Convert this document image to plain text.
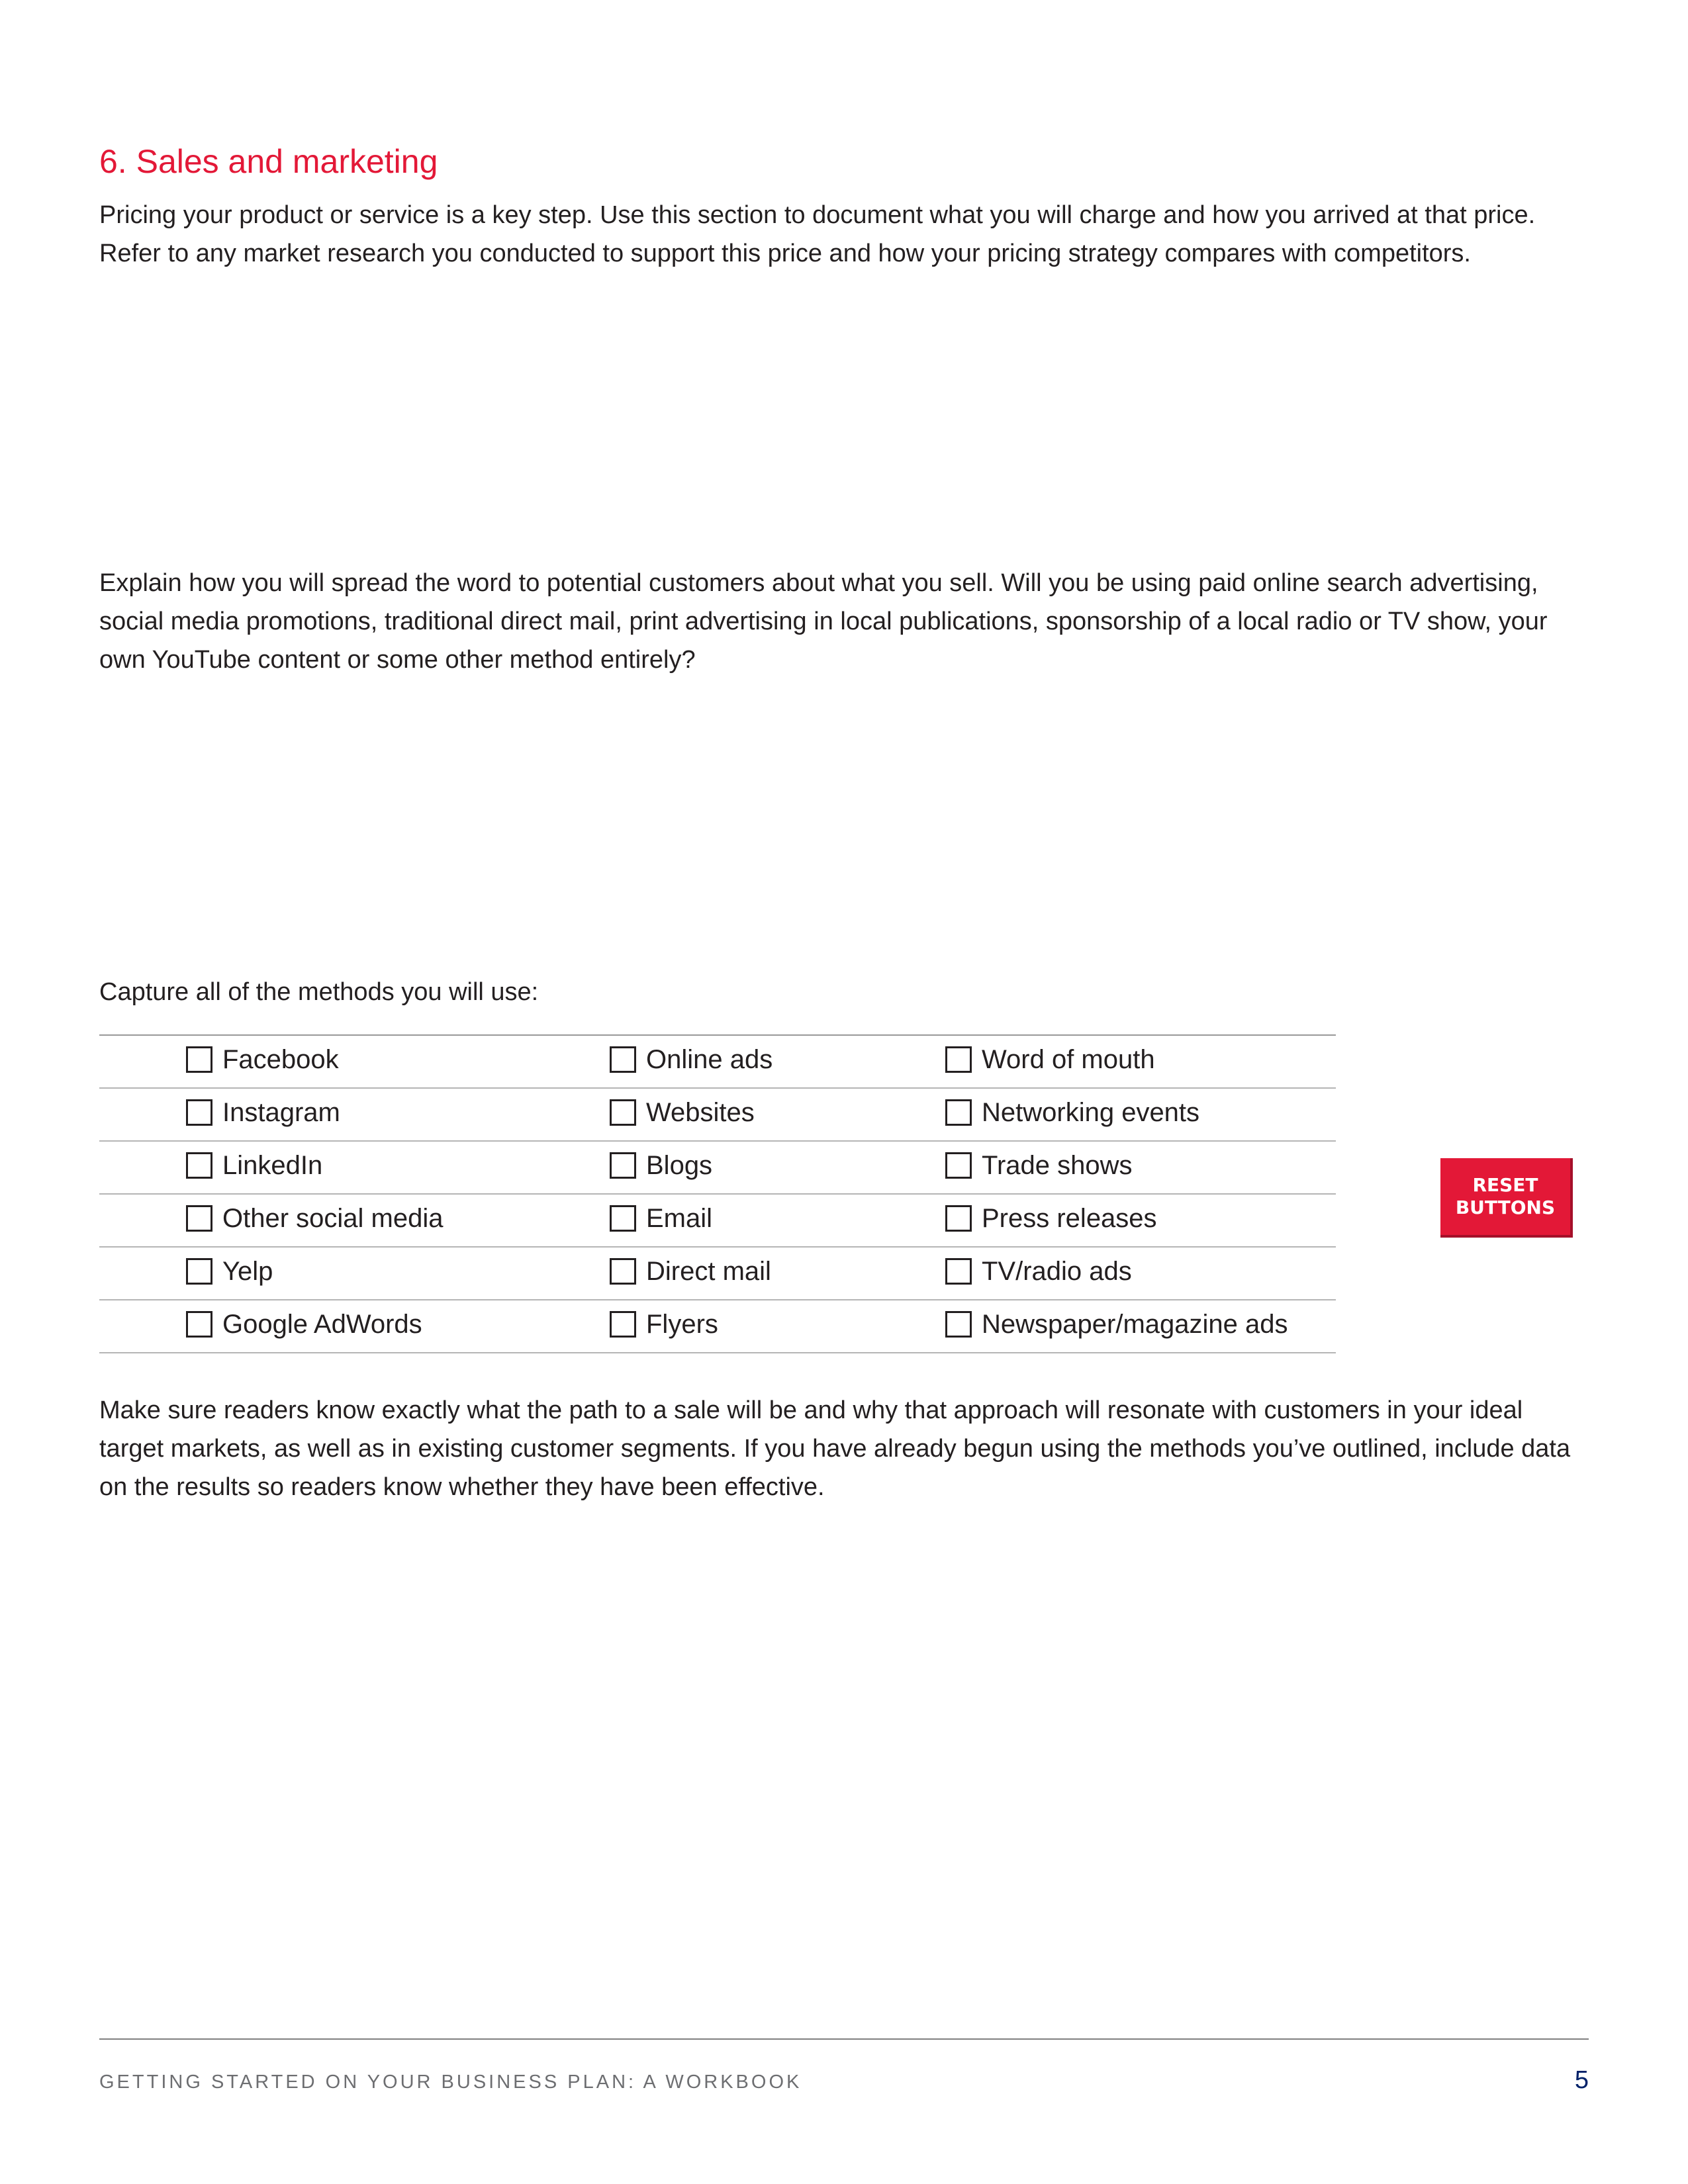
6. Sales and marketing

Pricing your product or service is a key step. Use this section to document what you will charge and how you arrived at that price. Refer to any market research you conducted to support this price and how your pricing strategy compares with competitors.

Explain how you will spread the word to potential customers about what you sell. Will you be using paid online search advertising, social media promotions, traditional direct mail, print advertising in local publications, sponsorship of a local radio or TV show, your own YouTube content or some other method entirely?

Capture all of the methods you will use:

Facebook	Online ads	Word of mouth

Instagram	Websites	Networking events

LinkedIn	Blogs	Trade shows

Other social media	Email	Press releases

Yelp	Direct mail	TV/radio ads

Google AdWords	Flyers	Newspaper/magazine ads
RESET BUTTONS

Make sure readers know exactly what the path to a sale will be and why that approach will resonate with customers in your ideal target markets, as well as in existing customer segments. If you have already begun using the methods you’ve outlined, include data on the results so readers know whether they have been effective.

GETTING STARTED ON YOUR BUSINESS PLAN: A WORKBOOK	5
